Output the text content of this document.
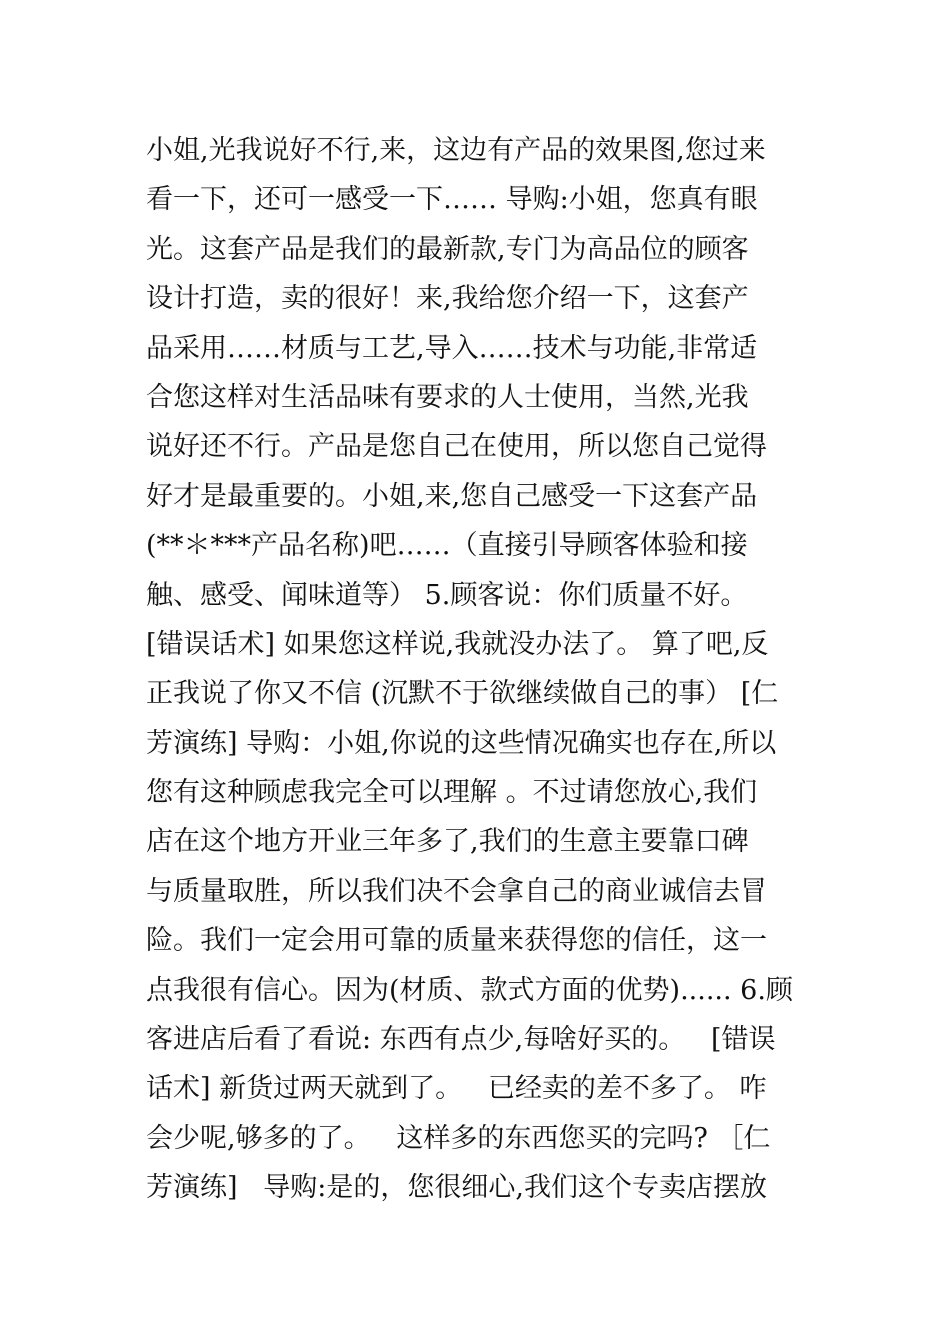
小姐,光我说好不行,来，这边有产品的效果图,您过来
看一下，还可一感受一下…… 导购:小姐，您真有眼
光。这套产品是我们的最新款,专门为高品位的顾客
设计打造，卖的很好！来,我给您介绍一下，这套产
品采用……材质与工艺,导入……技术与功能,非常适
合您这样对生活品味有要求的人士使用，当然,光我
说好还不行。产品是您自己在使用，所以您自己觉得
好才是最重要的。小姐,来,您自己感受一下这套产品
(**＊***产品名称)吧……（直接引导顾客体验和接
触、感受、闻味道等） 5.顾客说：你们质量不好。
[错误话术] 如果您这样说,我就没办法了。 算了吧,反
正我说了你又不信 (沉默不于欲继续做自己的事） [仁
芳演练] 导购：小姐,你说的这些情况确实也存在,所以
您有这种顾虑我完全可以理解 。不过请您放心,我们
店在这个地方开业三年多了,我们的生意主要靠口碑
与质量取胜，所以我们决不会拿自己的商业诚信去冒
险。我们一定会用可靠的质量来获得您的信任，这一
点我很有信心。因为(材质、款式方面的优势)...... 6.顾
客进店后看了看说: 东西有点少,每啥好买的。   [错误
话术] 新货过两天就到了。   已经卖的差不多了。 咋
会少呢,够多的了。   这样多的东西您买的完吗? ［仁
芳演练]   导购:是的，您很细心,我们这个专卖店摆放
